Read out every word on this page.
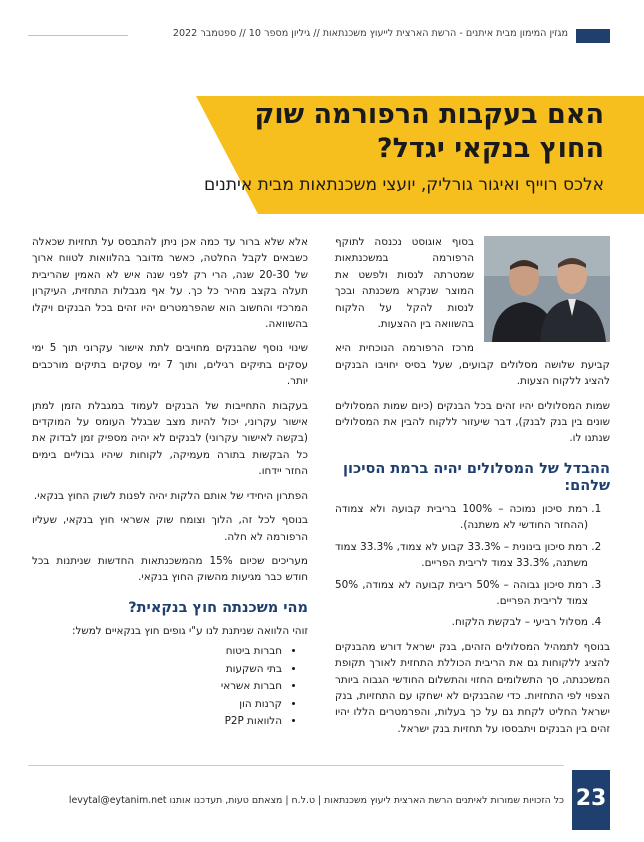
מגזין המימון מבית איתנים - הרשת הארצית לייעוץ משכנתאות // גיליון מספר 10 // ספטמבר 2022
האם בעקבות הרפורמה שוק החוץ בנקאי יגדל?

אלכס רוייף ואיגור גורליק, יועצי משכנתאות מבית איתנים

בסוף אוגוסט נכנסה לתוקף הרפורמה במשכנתאות שמטרתה לנסות ולפשט את המוצר שנקרא משכנתה ובכך לנסות להקל על הלקוח בהשוואה בין ההצעות.

מרכז הרפורמה הנוכחית היא קביעת שלושה מסלולים קבועים, שעל בסיס יחויבו הבנקים להציג ללקוח הצעות.

שמות המסלולים יהיו זהים בכל הבנקים (כיום שמות המסלולים שונים בין בנק לבנק), דבר שיעזור ללקוח להבין את המסלולים שנתנו לו.

ההבדל של המסלולים יהיה ברמת הסיכון שלהם:
1. רמת סיכון נמוכה – 100% בריבית קבועה ולא צמודה (ההחזר החודשי לא משתנה).
2. רמת סיכון בינונית – 33.3% קבוע לא צמוד, 33.3% צמוד משתנה, 33.3% צמוד לריבית הפריים.
3. רמת סיכון גבוהה – 50% ריבית קבועה לא צמודה, 50% צמוד לריבית הפריים.
4. מסלול רביעי – לבקשת הלקוח.

בנוסף לתמהיל המסלולים הזהים, בנק ישראל דורש מהבנקים להציג ללקוחות גם את הריבית הכוללת התחזית לאורך תקופת המשכנתה, סך התשלומים החזוי והתשלום החודשי הגבוה ביותר הצפוי לפי התחזיות. כדי שהבנקים לא ישחקו עם התחזיות, בנק ישראל החליט לקחת גם על כך בעלות, והפרמטרים הללו יהיו זהים בין הבנקים ויתבססו על תחזיות בנק ישראל.

אלא שלא ברור עד כמה אכן ניתן להתבסס על תחזיות שכאלה כשבאים לקבל החלטה, כאשר מדובר בהלוואות לטווח ארוך של 20-30 שנה, הרי רק לפני שנה איש לא האמין שהריבית תעלה בקצב מהיר כל כך. על אף מגבלות התחזית, העיקרון המרכזי והחשוב הוא שהפרמטרים יהיו זהים בכל הבנקים ויקלו בהשוואה.

שינוי נוסף שהבנקים מחויבים לתת אישור עקרוני תוך 5 ימי עסקים בתיקים רגילים, ותוך 7 ימי עסקים בתיקים מורכבים יותר.

בעקבות התחייבות של הבנקים לעמוד במגבלת הזמן למתן אישור עקרוני, יכול להיות מצב שבגלל העומס על המוקדים (בקשה לאישור עקרוני) לבנקים לא יהיה מספיק זמן לבדוק את כל הבקשות בתורה מעמיקה, לקוחות שיהיו גבוליים בימים החזר יידחו.

הפתרון היחידי של אותם הלקות יהיה לפנות לשוק החוץ בנקאי.

בנוסף לכל זה, הלוך וצומח שוק אשראי חוץ בנקאי, שעליו הרפורמה לא חלה.

מעריכים שכיום 15% מהמשכנתאות החדשות שניתנות בכל חודש כבר מגיעות מהשוק החוץ בנקאי.

מהי משכנתה חוץ בנקאית?

זוהי הלוואה שניתנת לנו ע"י גופים חוץ בנקאיים למשל:

• חברות ביטוח
• בתי השקעות
• חברות אשראי
• קרנות הון
• הלוואות P2P
23
כל הזכויות שמורות לאיתנים הרשת הארצית ליעוץ משכנתאות | ט.ל.ח | מצאתם טעות, תעדכנו אותנו levytal@eytanim.net
